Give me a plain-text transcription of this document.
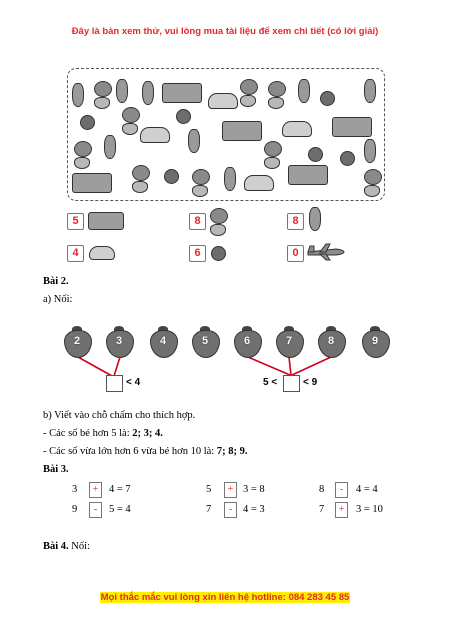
Đây là bản xem thử, vui lòng mua tài liệu để xem chi tiết (có lời giải)
5	8	8
4	6	0
Bài 2.
a) Nối:
2	3	4	5	6	7	8	9
< 4	5 <	< 9
b) Viết vào chỗ chấm cho thích hợp.
- Các số bé hơn 5 là: 2; 3; 4.
- Các số vừa lớn hơn 6 vừa bé hơn 10 là: 7; 8; 9.
Bài 3.
3	+	4 = 7	5	+ 3 = 8	8	-	4 = 4
9	-	5 = 4	7	-	4 = 3	7	+	3 = 10
Bài 4. Nối:
Mọi thắc mắc vui lòng xin liên hệ hotline: 084 283 45 85
